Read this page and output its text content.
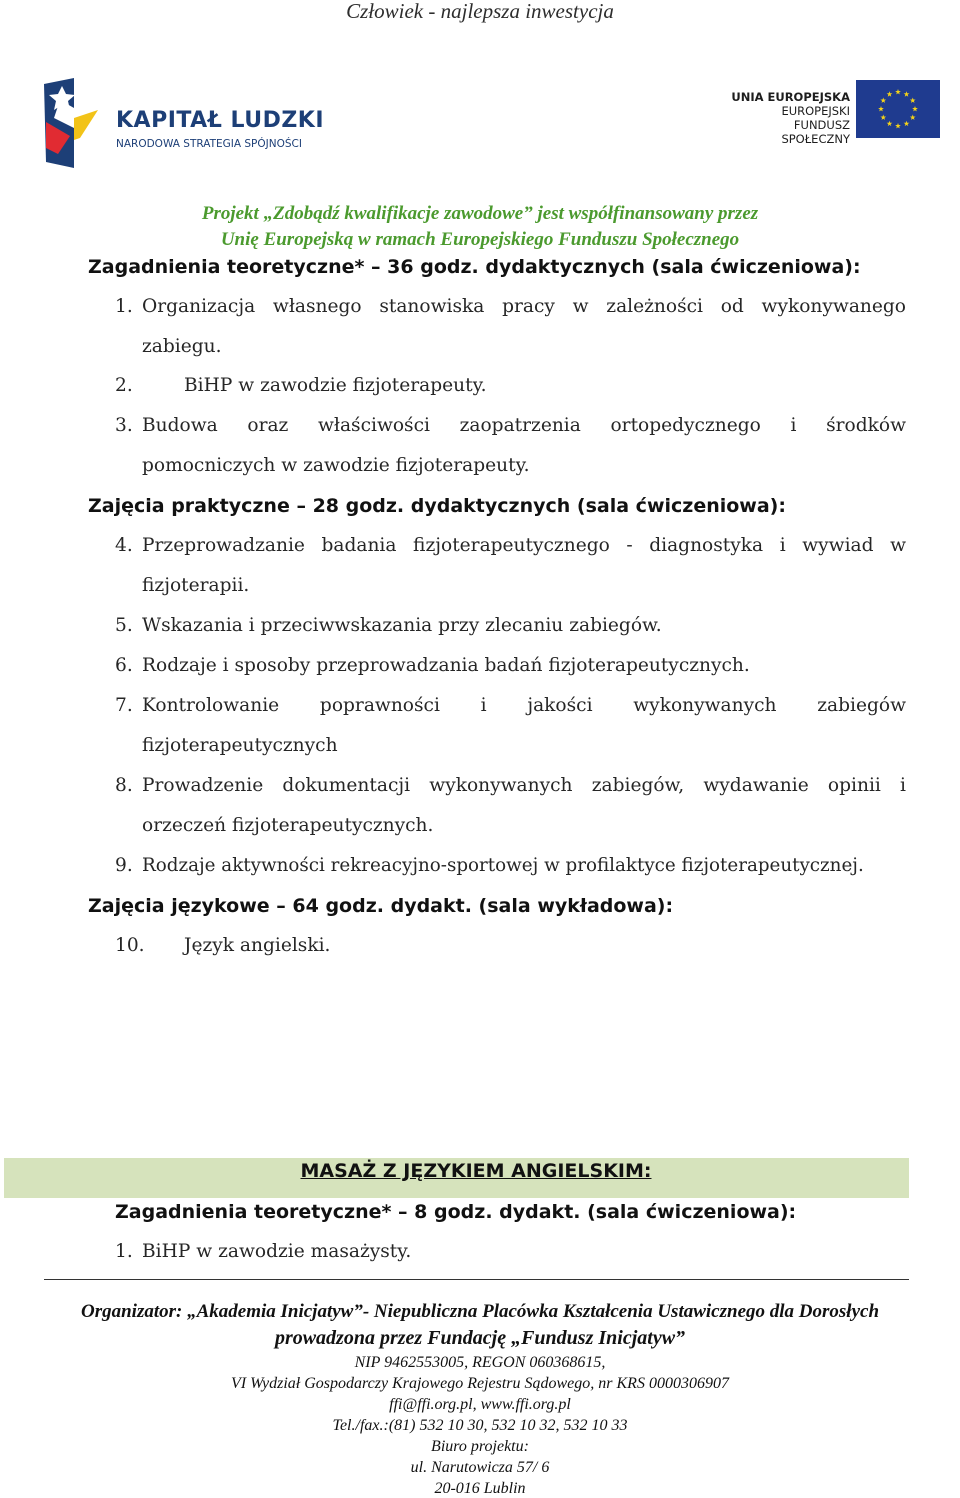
Człowiek - najlepsza inwestycja
KAPITAŁ LUDZKI
NARODOWA STRATEGIA SPÓJNOŚCI
UNIA EUROPEJSKA
EUROPEJSKI
FUNDUSZ SPOŁECZNY
Projekt „Zdobądź kwalifikacje zawodowe” jest współfinansowany przez
Unię Europejską w ramach Europejskiego Funduszu Społecznego
Zagadnienia teoretyczne* – 36 godz. dydaktycznych (sala ćwiczeniowa):
1. Organizacja własnego stanowiska pracy w zależności od wykonywanego
zabiegu.
2.	BiHP w zawodzie fizjoterapeuty.
3. Budowa oraz właściwości zaopatrzenia ortopedycznego i środków
pomocniczych w zawodzie fizjoterapeuty.
Zajęcia praktyczne – 28 godz. dydaktycznych (sala ćwiczeniowa):
4. Przeprowadzanie badania fizjoterapeutycznego - diagnostyka i wywiad w
fizjoterapii.
5. Wskazania i przeciwwskazania przy zlecaniu zabiegów.
6. Rodzaje i sposoby przeprowadzania badań fizjoterapeutycznych.
7. Kontrolowanie poprawności i jakości wykonywanych zabiegów
fizjoterapeutycznych
8. Prowadzenie dokumentacji wykonywanych zabiegów, wydawanie opinii i
orzeczeń fizjoterapeutycznych.
9. Rodzaje aktywności rekreacyjno-sportowej w profilaktyce fizjoterapeutycznej.
Zajęcia językowe – 64 godz. dydakt. (sala wykładowa):
10. Język angielski.
MASAŻ Z JĘZYKIEM ANGIELSKIM:
Zagadnienia teoretyczne* – 8 godz. dydakt. (sala ćwiczeniowa):
1. BiHP w zawodzie masażysty.
Organizator: „Akademia Inicjatyw”- Niepubliczna Placówka Kształcenia Ustawicznego dla Dorosłych
prowadzona przez Fundację „Fundusz Inicjatyw”
NIP 9462553005, REGON 060368615,
VI Wydział Gospodarczy Krajowego Rejestru Sądowego, nr KRS 0000306907
ffi@ffi.org.pl, www.ffi.org.pl
Tel./fax.:(81) 532 10 30, 532 10 32, 532 10 33
Biuro projektu:
ul. Narutowicza 57/ 6
20-016 Lublin
